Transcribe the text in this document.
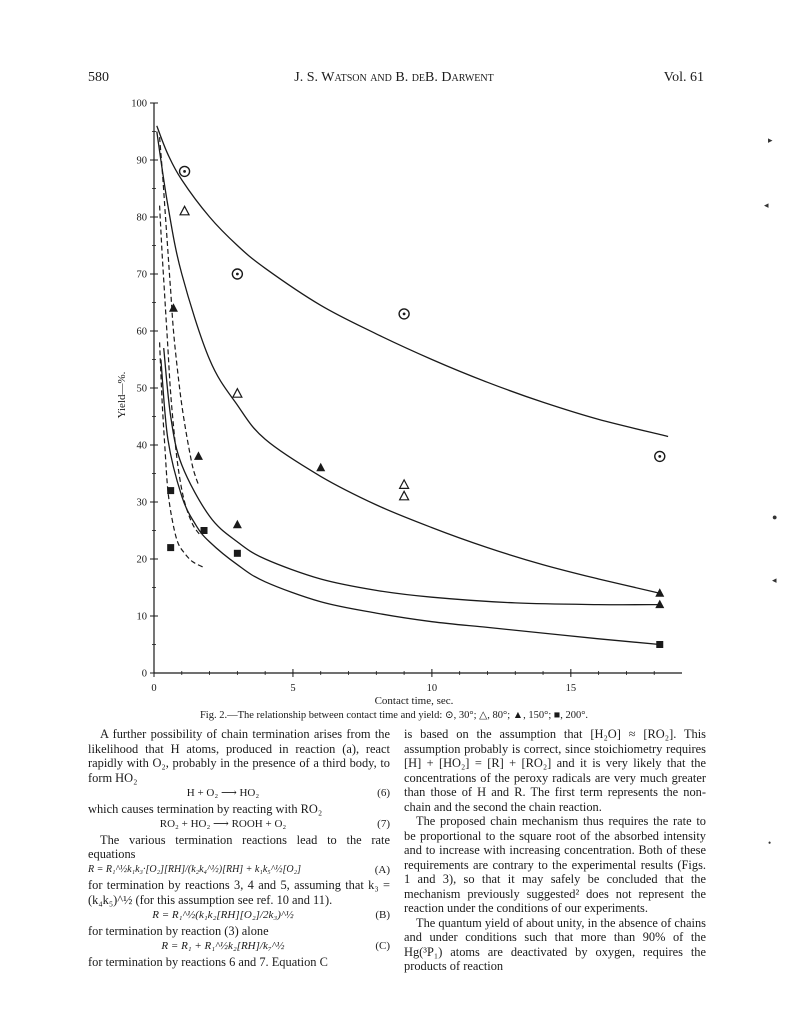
580	J. S. Watson and B. deB. Darwent	Vol. 61
0
10
20
30
40
50
60
70
80
90
100
0	5	10	15
Contact time, sec.
Yield—%.
Fig. 2.—The relationship between contact time and yield: ⊙, 30°; △, 80°; ▲, 150°; ■, 200°.

A further possibility of chain termination arises from the likelihood that H atoms, produced in reaction (a), react rapidly with O₂, probably in the presence of a third body, to form HO₂

H + O₂ ⟶ HO₂	(6)

which causes termination by reacting with RO₂

RO₂ + HO₂ ⟶ ROOH + O₂	(7)

The various termination reactions lead to the rate equations

R = R₁^½k₁k₃·[O₂][RH]/(k₂k₄^½)[RH] + k₁k₅^½[O₂]	(A)

for termination by reactions 3, 4 and 5, assuming that k₃ = (k₄k₅)^½ (for this assumption see ref. 10 and 11).

R = R₁^½(k₁k₂[RH][O₂]/2k₃)^½	(B)

for termination by reaction (3) alone

R = R₁ + R₁^½k₂[RH]/k₇^½	(C)

for termination by reactions 6 and 7. Equation C

is based on the assumption that [H₂O] ≈ [RO₂]. This assumption probably is correct, since stoichiometry requires [H] + [HO₂] = [R] + [RO₂] and it is very likely that the concentrations of the peroxy radicals are very much greater than those of H and R. The first term represents the non-chain and the second the chain reaction.

The proposed chain mechanism thus requires the rate to be proportional to the square root of the absorbed intensity and to increase with increasing concentration. Both of these requirements are contrary to the experimental results (Figs. 1 and 3), so that it may safely be concluded that the mechanism previously suggested² does not represent the reaction under the conditions of our experiments.

The quantum yield of about unity, in the absence of chains and under conditions such that more than 90% of the Hg(³P₁) atoms are deactivated by oxygen, requires the products of reaction

▸
◂
●
◂
•
